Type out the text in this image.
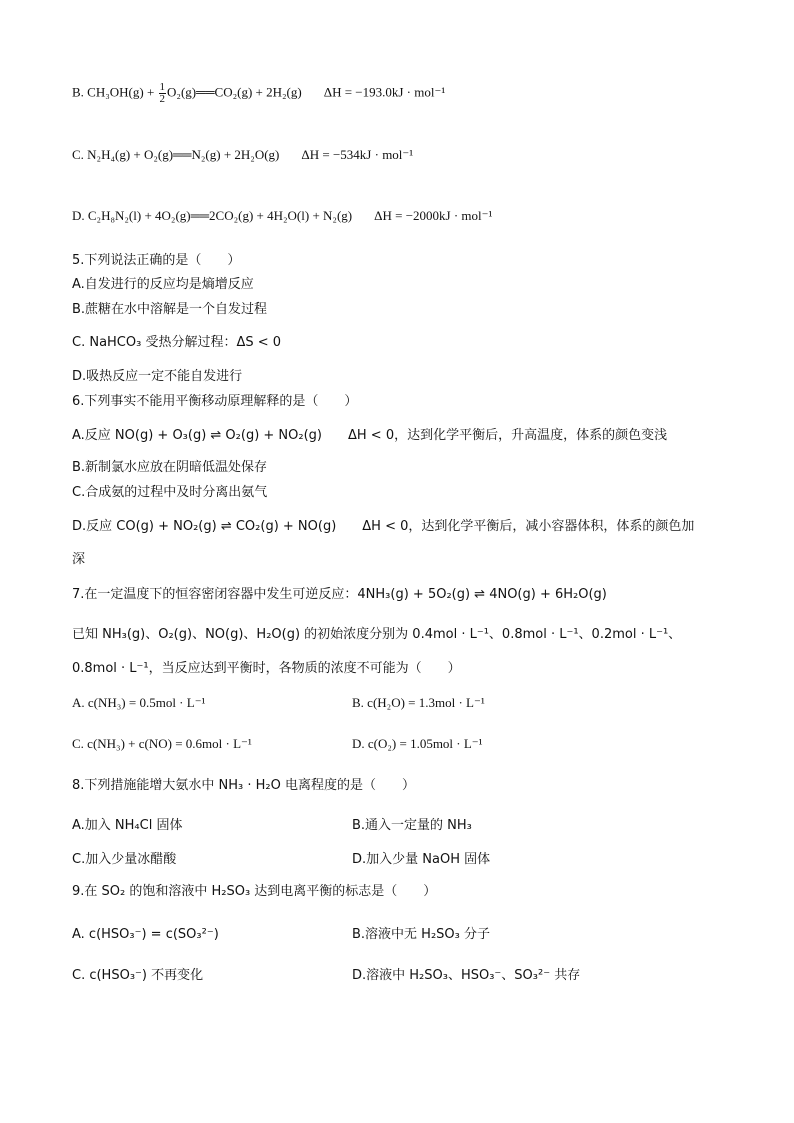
B. $CH_3OH(g) + \frac{1}{2}$ O₂(g)══CO₂(g) + 2H₂(g) ΔH = −193.0kJ · mol⁻¹
C. N₂H₄(g) + O₂(g)══N₂(g) + 2H₂O(g) ΔH = −534kJ · mol⁻¹
D. C₂H₈N₂(l) + 4O₂(g)══2CO₂(g) + 4H₂O(l) + N₂(g) ΔH = −2000kJ · mol⁻¹
5.下列说法正确的是（　　）
A.自发进行的反应均是熵增反应
B.蔗糖在水中溶解是一个自发过程
C. NaHCO₃ 受热分解过程：ΔS < 0
D.吸热反应一定不能自发进行
6.下列事实不能用平衡移动原理解释的是（　　）
A.反应 NO(g) + O₃(g) ⇌ O₂(g) + NO₂(g)　　ΔH < 0，达到化学平衡后，升高温度，体系的颜色变浅
B.新制氯水应放在阴暗低温处保存
C.合成氨的过程中及时分离出氨气
D.反应 CO(g) + NO₂(g) ⇌ CO₂(g) + NO(g)　　ΔH < 0，达到化学平衡后，减小容器体积，体系的颜色加
深
7.在一定温度下的恒容密闭容器中发生可逆反应：4NH₃(g) + 5O₂(g) ⇌ 4NO(g) + 6H₂O(g)
已知 NH₃(g)、O₂(g)、NO(g)、H₂O(g) 的初始浓度分别为 0.4mol · L⁻¹、0.8mol · L⁻¹、0.2mol · L⁻¹、
0.8mol · L⁻¹，当反应达到平衡时，各物质的浓度不可能为（　　）
A. c(NH₃) = 0.5mol · L⁻¹	B. c(H₂O) = 1.3mol · L⁻¹
C. c(NH₃) + c(NO) = 0.6mol · L⁻¹	D. c(O₂) = 1.05mol · L⁻¹
8.下列措施能增大氨水中 NH₃ · H₂O 电离程度的是（　　）
A.加入 NH₄Cl 固体	B.通入一定量的 NH₃
C.加入少量冰醋酸	D.加入少量 NaOH 固体
9.在 SO₂ 的饱和溶液中 H₂SO₃ 达到电离平衡的标志是（　　）
A. c(HSO₃⁻) = c(SO₃²⁻)	B.溶液中无 H₂SO₃ 分子
C. c(HSO₃⁻) 不再变化	D.溶液中 H₂SO₃、HSO₃⁻、SO₃²⁻ 共存
